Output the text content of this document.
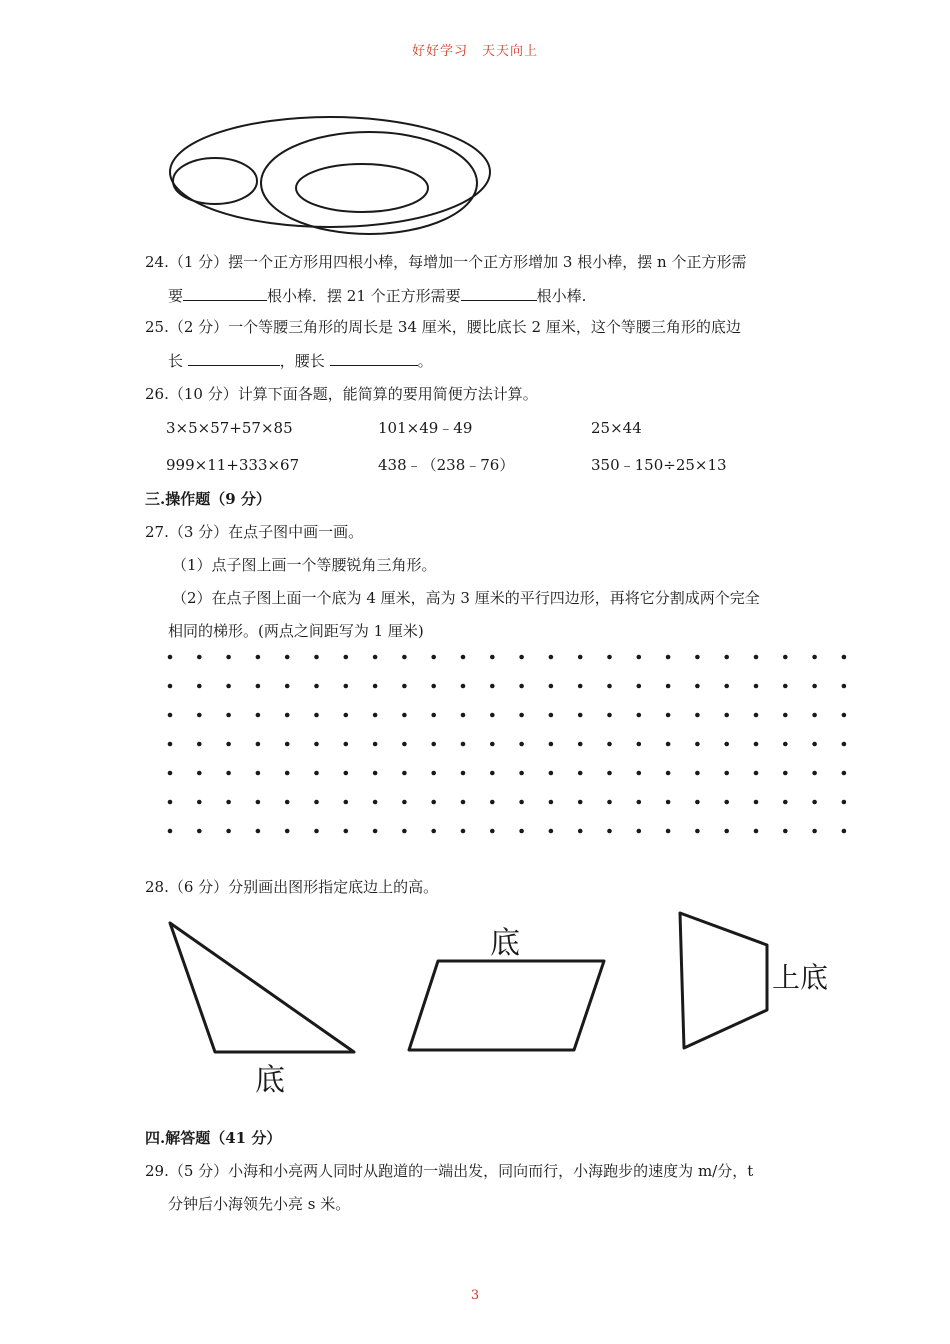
好好学习　天天向上
24.（1 分）摆一个正方形用四根小棒，每增加一个正方形增加 3 根小棒，摆 n 个正方形需
要	根小棒．摆 21 个正方形需要	根小棒.
25.（2 分）一个等腰三角形的周长是 34 厘米，腰比底长 2 厘米，这个等腰三角形的底边
长	，腰长	。
26.（10 分）计算下面各题，能简算的要用简便方法计算。
3×5×57+57×85	101×49﹣49	25×44
999×11+333×67	438﹣（238﹣76）	350﹣150÷25×13
三.操作题（9 分）
27.（3 分）在点子图中画一画。
（1）点子图上画一个等腰锐角三角形。
（2）在点子图上面一个底为 4 厘米，高为 3 厘米的平行四边形，再将它分割成两个完全
相同的梯形。(两点之间距写为 1 厘米)
28.（6 分）分别画出图形指定底边上的高。
底
底
上底
四.解答题（41 分）
29.（5 分）小海和小亮两人同时从跑道的一端出发，同向而行，小海跑步的速度为 m/分，t
分钟后小海领先小亮 s 米。
3
